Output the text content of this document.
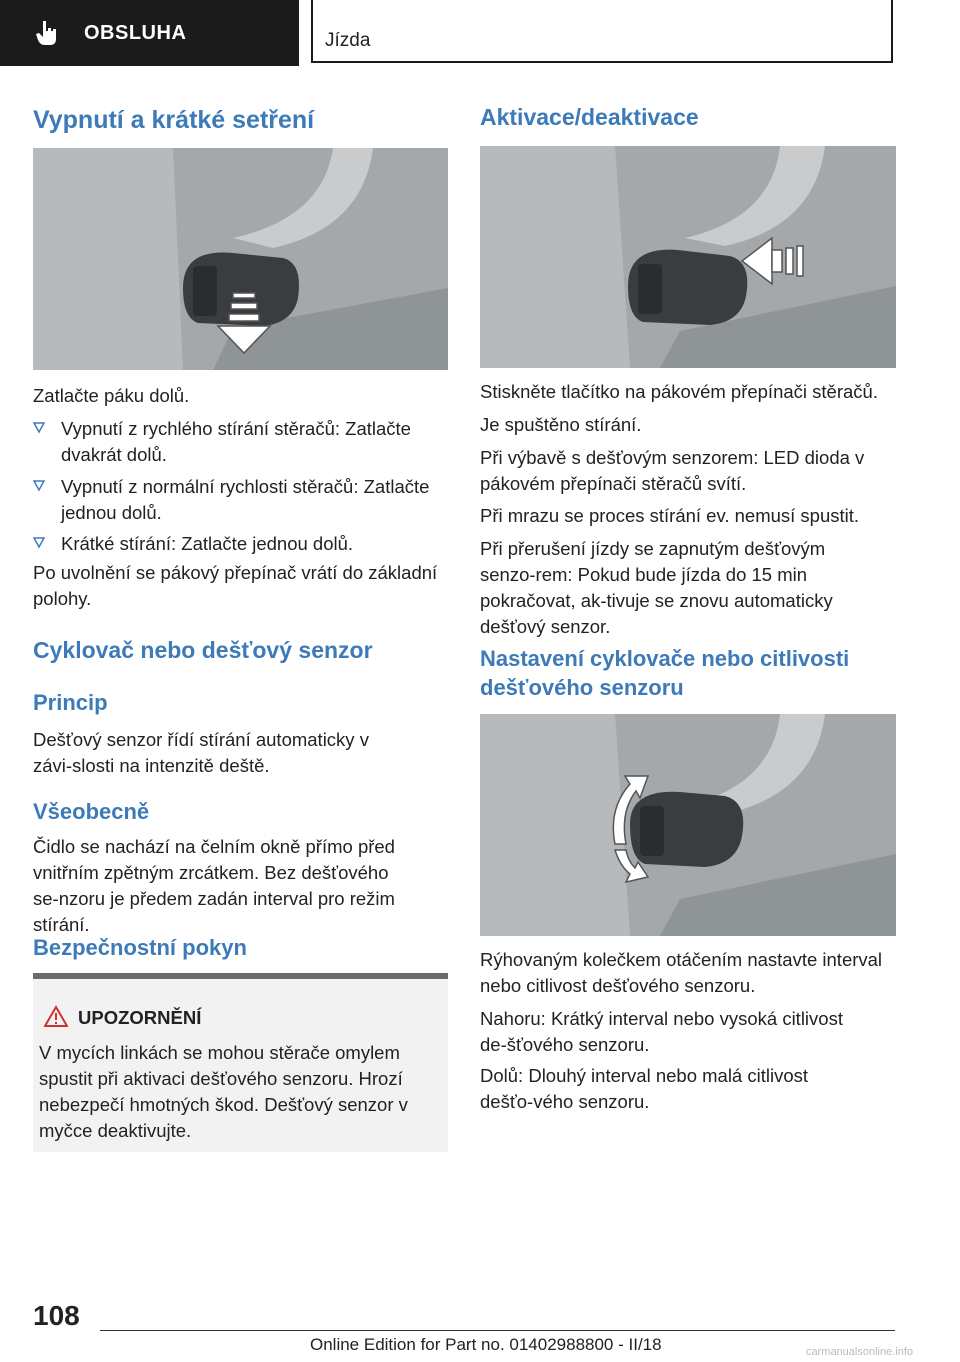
OBSLUHA	Jízda
Vypnutí a krátké setření

Zatlačte páku dolů.

Vypnutí z rychlého stírání stěračů: Zatlačte dvakrát dolů.
Vypnutí z normální rychlosti stěračů: Zatlačte jednou dolů.
Krátké stírání: Zatlačte jednou dolů.

Po uvolnění se pákový přepínač vrátí do základní polohy.

Cyklovač nebo dešťový senzor
Princip

Dešťový senzor řídí stírání automaticky v závi‑slosti na intenzitě deště.

Všeobecně

Čidlo se nachází na čelním okně přímo před vnitřním zpětným zrcátkem. Bez dešťového se‑nzoru je předem zadán interval pro režim stírání.

Bezpečnostní pokyn
UPOZORNĚNÍ
V mycích linkách se mohou stěrače omylem spustit při aktivaci dešťového senzoru. Hrozí nebezpečí hmotných škod. Dešťový senzor v myčce deaktivujte.
Aktivace/deaktivace

Stiskněte tlačítko na pákovém přepínači stěračů.

Je spuštěno stírání.

Při výbavě s dešťovým senzorem: LED dioda v pákovém přepínači stěračů svítí.

Při mrazu se proces stírání ev. nemusí spustit.

Při přerušení jízdy se zapnutým dešťovým senzo‑rem: Pokud bude jízda do 15 min pokračovat, ak‑tivuje se znovu automaticky dešťový senzor.

Nastavení cyklovače nebo citlivosti dešťového senzoru

Rýhovaným kolečkem otáčením nastavte interval nebo citlivost dešťového senzoru.

Nahoru: Krátký interval nebo vysoká citlivost de‑šťového senzoru.

Dolů: Dlouhý interval nebo malá citlivost dešťo‑vého senzoru.

108
Online Edition for Part no. 01402988800 - II/18	carmanualsonline.info
